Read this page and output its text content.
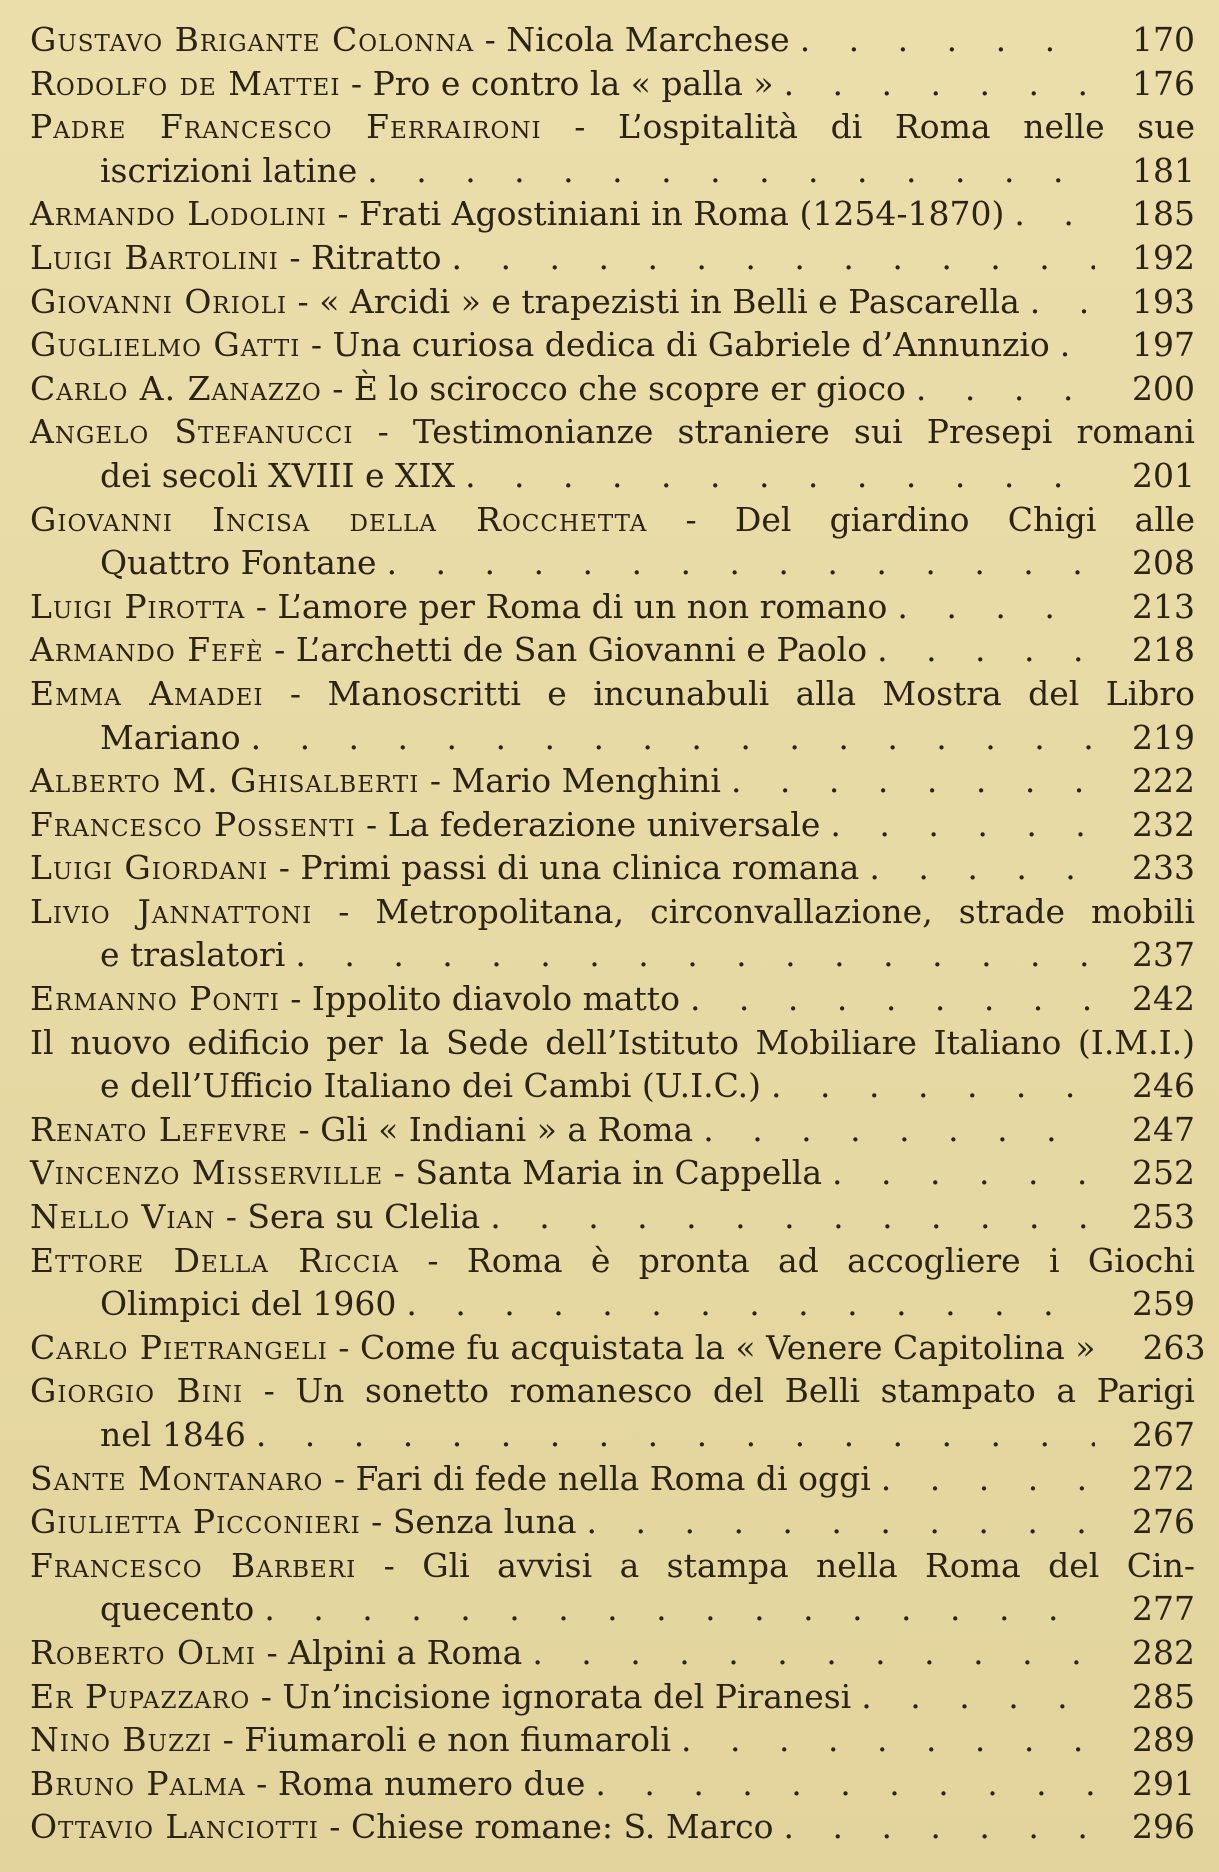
Gustavo Brigante Colonna - Nicola Marchese . . .	170
Rodolfo de Mattei - Pro e contro la « palla » . . .	176
Padre Francesco Ferraironi - L’ospitalità di Roma nelle sue
iscrizioni latine . . .	181
Armando Lodolini - Frati Agostiniani in Roma (1254-1870) . . .	185
Luigi Bartolini - Ritratto . . .	192
Giovanni Orioli - « Arcidi » e trapezisti in Belli e Pascarella . . .	193
Guglielmo Gatti - Una curiosa dedica di Gabriele d’Annunzio . . .	197
Carlo A. Zanazzo - È lo scirocco che scopre er gioco . . .	200
Angelo Stefanucci - Testimonianze straniere sui Presepi romani
dei secoli XVIII e XIX . . .	201
Giovanni Incisa della Rocchetta - Del giardino Chigi alle
Quattro Fontane . . .	208
Luigi Pirotta - L’amore per Roma di un non romano . . .	213
Armando Fefè - L’archetti de San Giovanni e Paolo . . .	218
Emma Amadei - Manoscritti e incunabuli alla Mostra del Libro
Mariano . . .	219
Alberto M. Ghisalberti - Mario Menghini . . .	222
Francesco Possenti - La federazione universale . . .	232
Luigi Giordani - Primi passi di una clinica romana . . .	233
Livio Jannattoni - Metropolitana, circonvallazione, strade mobili
e traslatori . . .	237
Ermanno Ponti - Ippolito diavolo matto . . .	242
Il nuovo edificio per la Sede dell’Istituto Mobiliare Italiano (I.M.I.)
e dell’Ufficio Italiano dei Cambi (U.I.C.) . . .	246
Renato Lefevre - Gli « Indiani » a Roma . . .	247
Vincenzo Misserville - Santa Maria in Cappella . . .	252
Nello Vian - Sera su Clelia . . .	253
Ettore Della Riccia - Roma è pronta ad accogliere i Giochi
Olimpici del 1960 . . .	259
Carlo Pietrangeli - Come fu acquistata la « Venere Capitolina » . . .	263
Giorgio Bini - Un sonetto romanesco del Belli stampato a Parigi
nel 1846 . . .	267
Sante Montanaro - Fari di fede nella Roma di oggi . . .	272
Giulietta Picconieri - Senza luna . . .	276
Francesco Barberi - Gli avvisi a stampa nella Roma del Cin-
quecento . . .	277
Roberto Olmi - Alpini a Roma . . .	282
Er Pupazzaro - Un’incisione ignorata del Piranesi . . .	285
Nino Buzzi - Fiumaroli e non fiumaroli . . .	289
Bruno Palma - Roma numero due . . .	291
Ottavio Lanciotti - Chiese romane: S. Marco . . .	296
